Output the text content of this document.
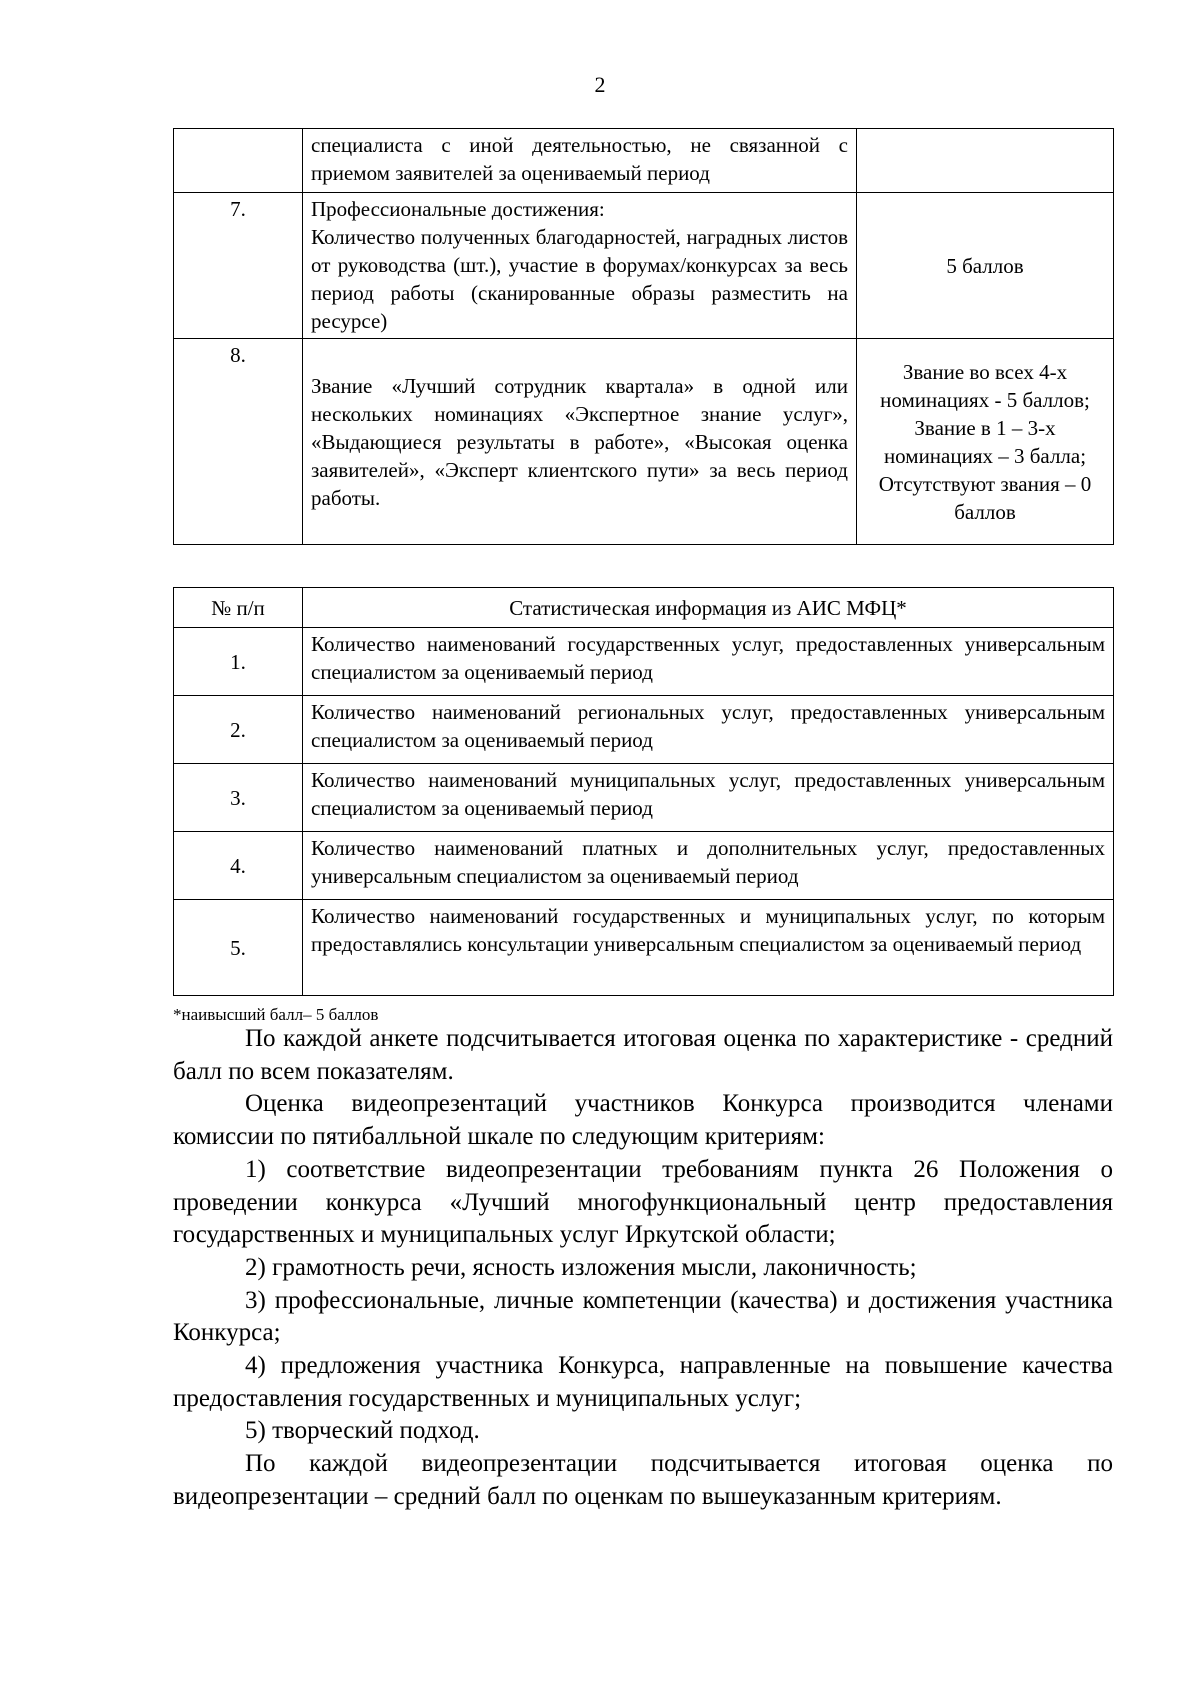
2
	специалиста с иной деятельностью, не связанной с приемом заявителей за оцениваемый период	
7.	Профессиональные достижения:
Количество полученных благодарностей, наградных листов от руководства (шт.), участие в форумах/конкурсах за весь период работы (сканированные образы разместить на ресурсе)	5 баллов
8.	Звание «Лучший сотрудник квартала» в одной или нескольких номинациях «Экспертное знание услуг», «Выдающиеся результаты в работе», «Высокая оценка заявителей», «Эксперт клиентского пути» за весь период работы.	Звание во всех 4-х номинациях - 5 баллов; Звание в 1 – 3-х номинациях – 3 балла; Отсутствуют звания – 0 баллов
№ п/п	Статистическая информация из АИС МФЦ*
1.	Количество наименований государственных услуг, предоставленных универсальным специалистом за оцениваемый период
2.	Количество наименований региональных услуг, предоставленных универсальным специалистом за оцениваемый период
3.	Количество наименований муниципальных услуг, предоставленных универсальным специалистом за оцениваемый период
4.	Количество наименований платных и дополнительных услуг, предоставленных универсальным специалистом за оцениваемый период
5.	Количество наименований государственных и муниципальных услуг, по которым предоставлялись консультации универсальным специалистом за оцениваемый период
*наивысший балл– 5 баллов

По каждой анкете подсчитывается итоговая оценка по характеристике - средний балл по всем показателям.

Оценка видеопрезентаций участников Конкурса производится членами комиссии по пятибалльной шкале по следующим критериям:

1) соответствие видеопрезентации требованиям пункта 26 Положения о проведении конкурса «Лучший многофункциональный центр предоставления государственных и муниципальных услуг Иркутской области;

2) грамотность речи, ясность изложения мысли, лаконичность;

3) профессиональные, личные компетенции (качества) и достижения участника Конкурса;

4) предложения участника Конкурса, направленные на повышение качества предоставления государственных и муниципальных услуг;

5) творческий подход.

По каждой видеопрезентации подсчитывается итоговая оценка по видеопрезентации – средний балл по оценкам по вышеуказанным критериям.
